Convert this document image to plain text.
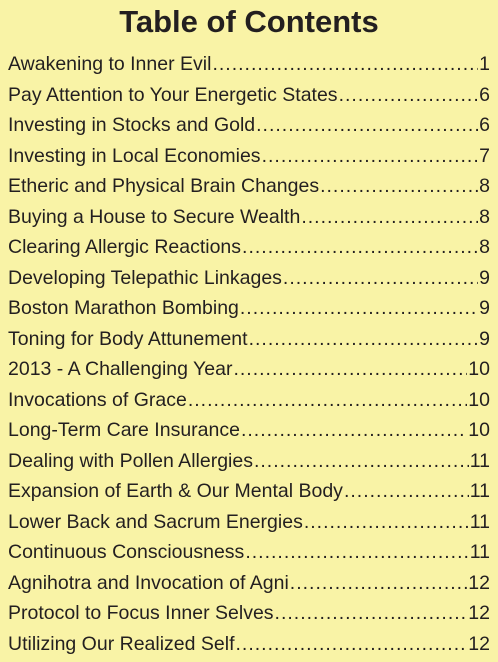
Table of Contents
Awakening to Inner Evil .....	1
Pay Attention to Your Energetic States .....	6
Investing in Stocks and Gold .....	6
Investing in Local Economies .....	7
Etheric and Physical Brain Changes .....	8
Buying a House to Secure Wealth .....	8
Clearing Allergic Reactions .....	8
Developing Telepathic Linkages .....	9
Boston Marathon Bombing .....	9
Toning for Body Attunement .....	9
2013 - A Challenging Year .....	10
Invocations of Grace .....	10
Long-Term Care Insurance .....	10
Dealing with Pollen Allergies .....	11
Expansion of Earth & Our Mental Body .....	11
Lower Back and Sacrum Energies .....	11
Continuous Consciousness .....	11
Agnihotra and Invocation of Agni .....	12
Protocol to Focus Inner Selves .....	12
Utilizing Our Realized Self .....	12
